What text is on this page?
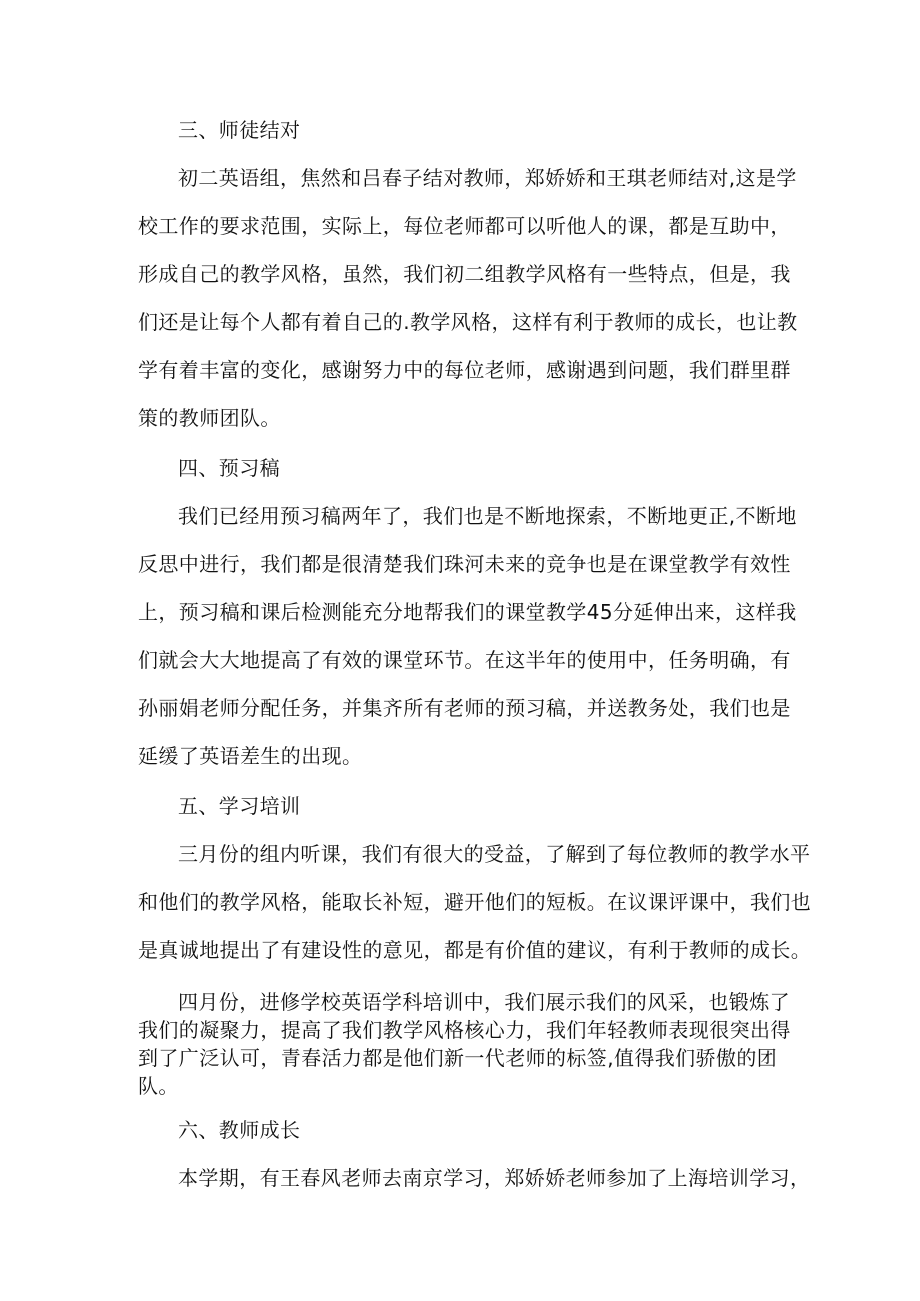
三、师徒结对
初二英语组，焦然和吕春子结对教师，郑娇娇和王琪老师结对,这是学
校工作的要求范围，实际上，每位老师都可以听他人的课，都是互助中，
形成自己的教学风格，虽然，我们初二组教学风格有一些特点，但是，我
们还是让每个人都有着自己的.教学风格，这样有利于教师的成长，也让教
学有着丰富的变化，感谢努力中的每位老师，感谢遇到问题，我们群里群
策的教师团队。
四、预习稿
我们已经用预习稿两年了，我们也是不断地探索，不断地更正,不断地
反思中进行，我们都是很清楚我们珠河未来的竞争也是在课堂教学有效性
上，预习稿和课后检测能充分地帮我们的课堂教学45分延伸出来，这样我
们就会大大地提高了有效的课堂环节。在这半年的使用中，任务明确，有
孙丽娟老师分配任务，并集齐所有老师的预习稿，并送教务处，我们也是
延缓了英语差生的出现。
五、学习培训
三月份的组内听课，我们有很大的受益，了解到了每位教师的教学水平
和他们的教学风格，能取长补短，避开他们的短板。在议课评课中，我们也
是真诚地提出了有建设性的意见，都是有价值的建议，有利于教师的成长。
四月份，进修学校英语学科培训中，我们展示我们的风采，也锻炼了
我们的凝聚力，提高了我们教学风格核心力，我们年轻教师表现很突出得
到了广泛认可，青春活力都是他们新一代老师的标签,值得我们骄傲的团
队。
六、教师成长
本学期，有王春风老师去南京学习，郑娇娇老师参加了上海培训学习，
